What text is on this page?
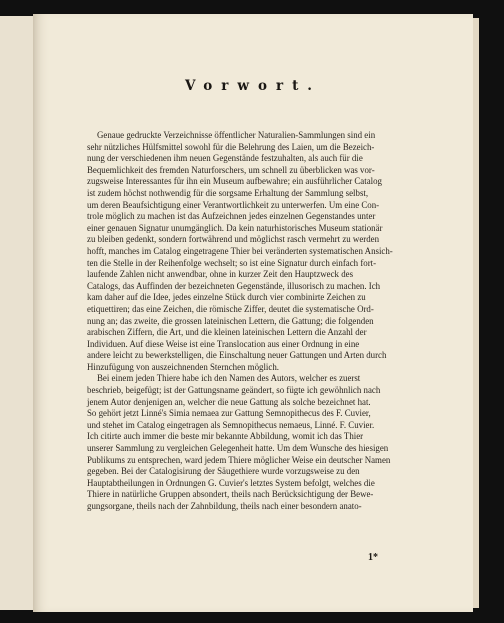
Vorwort.
Genaue gedruckte Verzeichnisse öffentlicher Naturalien-Sammlungen sind ein
sehr nützliches Hülfsmittel sowohl für die Belehrung des Laien, um die Bezeich-
nung der verschiedenen ihm neuen Gegenstände festzuhalten, als auch für die
Bequemlichkeit des fremden Naturforschers, um schnell zu überblicken was vor-
zugsweise Interessantes für ihn ein Museum aufbewahre; ein ausführlicher Catalog
ist zudem höchst nothwendig für die sorgsame Erhaltung der Sammlung selbst,
um deren Beaufsichtigung einer Verantwortlichkeit zu unterwerfen. Um eine Con-
trole möglich zu machen ist das Aufzeichnen jedes einzelnen Gegenstandes unter
einer genauen Signatur unumgänglich. Da kein naturhistorisches Museum stationär
zu bleiben gedenkt, sondern fortwährend und möglichst rasch vermehrt zu werden
hofft, manches im Catalog eingetragene Thier bei veränderten systematischen Ansich-
ten die Stelle in der Reihenfolge wechselt; so ist eine Signatur durch einfach fort-
laufende Zahlen nicht anwendbar, ohne in kurzer Zeit den Hauptzweck des
Catalogs, das Auffinden der bezeichneten Gegenstände, illusorisch zu machen. Ich
kam daher auf die Idee, jedes einzelne Stück durch vier combinirte Zeichen zu
etiquettiren; das eine Zeichen, die römische Ziffer, deutet die systematische Ord-
nung an; das zweite, die grossen lateinischen Lettern, die Gattung; die folgenden
arabischen Ziffern, die Art, und die kleinen lateinischen Lettern die Anzahl der
Individuen. Auf diese Weise ist eine Translocation aus einer Ordnung in eine
andere leicht zu bewerkstelligen, die Einschaltung neuer Gattungen und Arten durch
Hinzufügung von auszeichnenden Sternchen möglich.
Bei einem jeden Thiere habe ich den Namen des Autors, welcher es zuerst
beschrieb, beigefügt; ist der Gattungsname geändert, so fügte ich gewöhnlich nach
jenem Autor denjenigen an, welcher die neue Gattung als solche bezeichnet hat.
So gehört jetzt Linné's Simia nemaea zur Gattung Semnopithecus des F. Cuvier,
und stehet im Catalog eingetragen als Semnopithecus nemaeus, Linné. F. Cuvier.
Ich citirte auch immer die beste mir bekannte Abbildung, womit ich das Thier
unserer Sammlung zu vergleichen Gelegenheit hatte. Um dem Wunsche des hiesigen
Publikums zu entsprechen, ward jedem Thiere möglicher Weise ein deutscher Namen
gegeben. Bei der Catalogisirung der Säugethiere wurde vorzugsweise zu den
Hauptabtheilungen in Ordnungen G. Cuvier's letztes System befolgt, welches die
Thiere in natürliche Gruppen absondert, theils nach Berücksichtigung der Bewe-
gungsorgane, theils nach der Zahnbildung, theils nach einer besondern anato-
1*
